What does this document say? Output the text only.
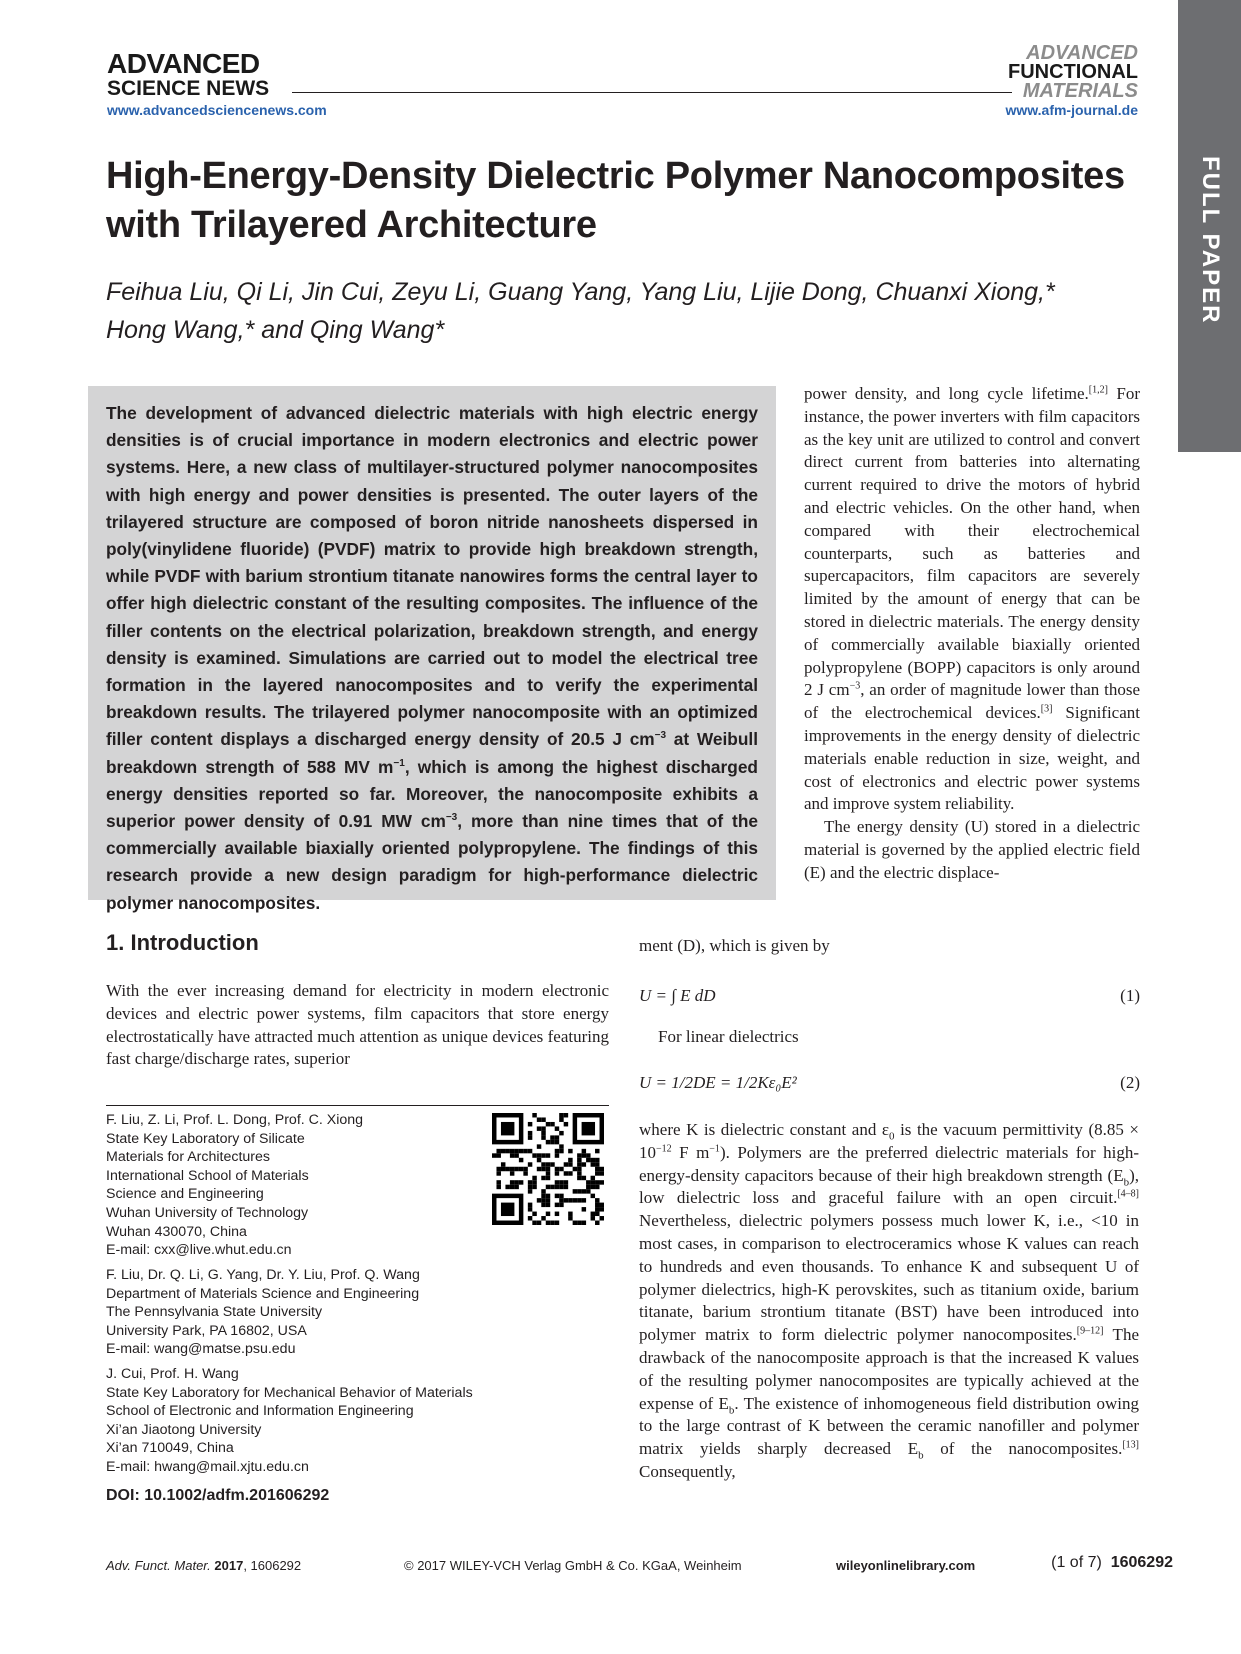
ADVANCED
SCIENCE NEWS
www.advancedsciencenews.com
ADVANCED
FUNCTIONAL
MATERIALS
www.afm-journal.de
FULL PAPER
High-Energy-Density Dielectric Polymer Nanocomposites with Trilayered Architecture
Feihua Liu, Qi Li, Jin Cui, Zeyu Li, Guang Yang, Yang Liu, Lijie Dong, Chuanxi Xiong,*
Hong Wang,* and Qing Wang*
The development of advanced dielectric materials with high electric energy densities is of crucial importance in modern electronics and electric power systems. Here, a new class of multilayer-structured polymer nanocomposites with high energy and power densities is presented. The outer layers of the trilayered structure are composed of boron nitride nanosheets dispersed in poly(vinylidene fluoride) (PVDF) matrix to provide high breakdown strength, while PVDF with barium strontium titanate nanowires forms the central layer to offer high dielectric constant of the resulting composites. The influence of the filler contents on the electrical polarization, breakdown strength, and energy density is examined. Simulations are carried out to model the electrical tree formation in the layered nanocomposites and to verify the experimental breakdown results. The trilayered polymer nanocomposite with an optimized filler content displays a discharged energy density of 20.5 J $cm^{-3}$ at Weibull breakdown strength of 588 MV $m^{-1}$, which is among the highest discharged energy densities reported so far. Moreover, the nanocomposite exhibits a superior power density of 0.91 MW $cm^{-3}$, more than nine times that of the commercially available biaxially oriented polypropylene. The findings of this research provide a new design paradigm for high-performance dielectric polymer nanocomposites.

power density, and long cycle lifetime.[1,2] For instance, the power inverters with film capacitors as the key unit are utilized to control and convert direct current from batteries into alternating current required to drive the motors of hybrid and electric vehicles. On the other hand, when compared with their electrochemical counterparts, such as batteries and supercapacitors, film capacitors are severely limited by the amount of energy that can be stored in dielectric materials. The energy density of commercially available biaxially oriented polypropylene (BOPP) capacitors is only around 2 J $cm^{-3}$, an order of magnitude lower than those of the electrochemical devices.[3] Significant improvements in the energy density of dielectric materials enable reduction in size, weight, and cost of electronics and electric power systems and improve system reliability.

The energy density (U) stored in a dielectric material is governed by the applied electric field (E) and the electric displace-

ment (D), which is given by
1. Introduction
With the ever increasing demand for electricity in modern electronic devices and electric power systems, film capacitors that store energy electrostatically have attracted much attention as unique devices featuring fast charge/discharge rates, superior
U = ∫ E dD	(1)
For linear dielectrics
U = 1/2DE = 1/2Kε₀E²	(2)
where K is dielectric constant and $\varepsilon_0$ is the vacuum permittivity ($8.85 \times 10^{-12}$ F $m^{-1}$). Polymers are the preferred dielectric materials for high-energy-density capacitors because of their high breakdown strength $(E_b)$, low dielectric loss and graceful failure with an open circuit.[4–8] Nevertheless, dielectric polymers possess much lower K, i.e., <10 in most cases, in comparison to electroceramics whose K values can reach to hundreds and even thousands. To enhance K and subsequent U of polymer dielectrics, high-K perovskites, such as titanium oxide, barium titanate, barium strontium titanate (BST) have been introduced into polymer matrix to form dielectric polymer nanocomposites.[9–12] The drawback of the nanocomposite approach is that the increased K values of the resulting polymer nanocomposites are typically achieved at the expense of $E_b$. The existence of inhomogeneous field distribution owing to the large contrast of K between the ceramic nanofiller and polymer matrix yields sharply decreased $E_b$ of the nanocomposites.[13] Consequently,
F. Liu, Z. Li, Prof. L. Dong, Prof. C. Xiong
State Key Laboratory of Silicate
Materials for Architectures
International School of Materials
Science and Engineering
Wuhan University of Technology
Wuhan 430070, China
E-mail: cxx@live.whut.edu.cn
F. Liu, Dr. Q. Li, G. Yang, Dr. Y. Liu, Prof. Q. Wang
Department of Materials Science and Engineering
The Pennsylvania State University
University Park, PA 16802, USA
E-mail: wang@matse.psu.edu
J. Cui, Prof. H. Wang
State Key Laboratory for Mechanical Behavior of Materials
School of Electronic and Information Engineering
Xi’an Jiaotong University
Xi’an 710049, China
E-mail: hwang@mail.xjtu.edu.cn
DOI: 10.1002/adfm.201606292
Adv. Funct. Mater. 2017, 1606292	© 2017 WILEY-VCH Verlag GmbH & Co. KGaA, Weinheim	wileyonlinelibrary.com	(1 of 7) 1606292
